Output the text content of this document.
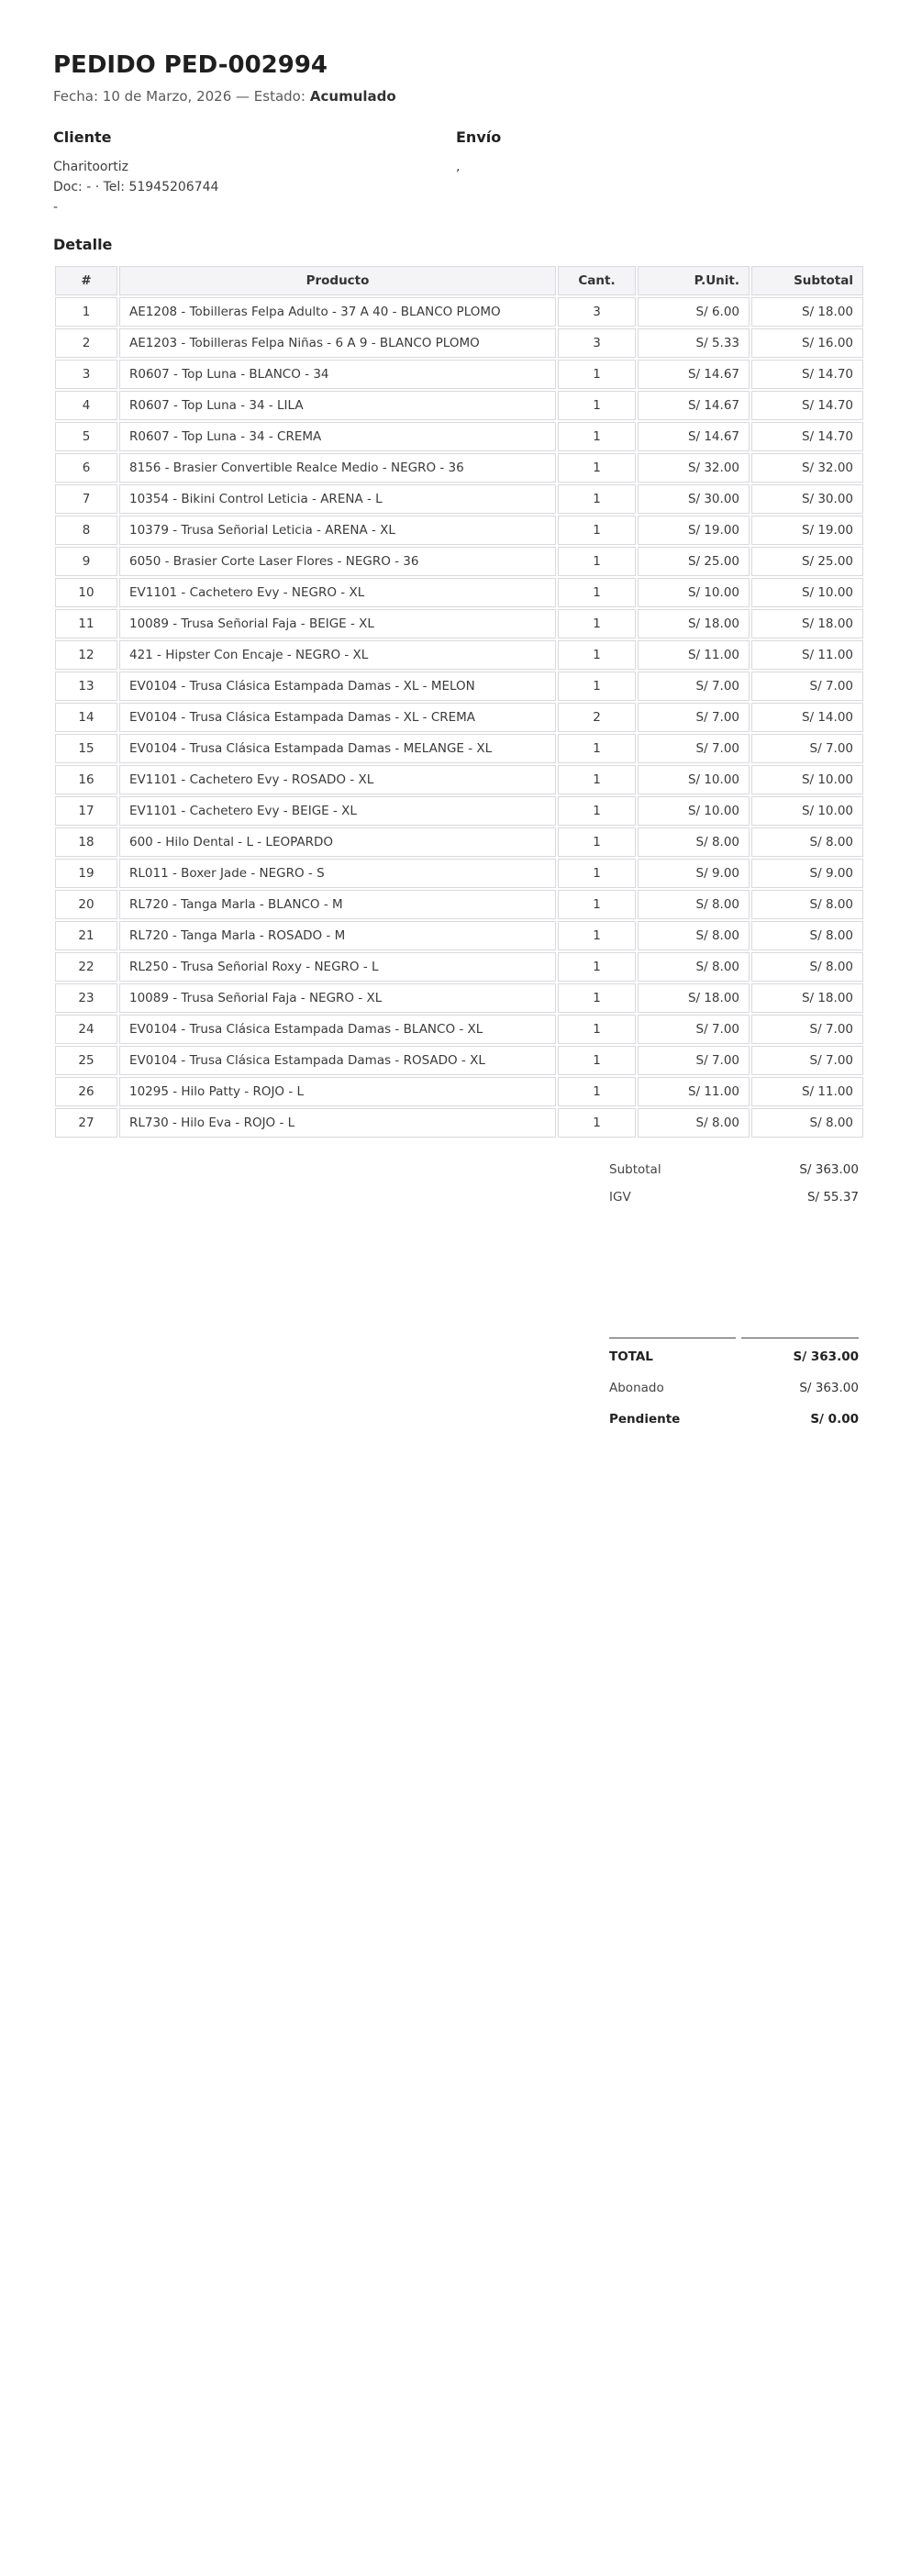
PEDIDO PED-002994

Fecha: 10 de Marzo, 2026 — Estado: Acumulado

Cliente
Charitoortiz
Doc: - · Tel: 51945206744
-
Envío
,
Detalle
#	Producto	Cant.	P.Unit.	Subtotal
1	AE1208 - Tobilleras Felpa Adulto - 37 A 40 - BLANCO PLOMO	3	S/ 6.00	S/ 18.00
2	AE1203 - Tobilleras Felpa Niñas - 6 A 9 - BLANCO PLOMO	3	S/ 5.33	S/ 16.00
3	R0607 - Top Luna - BLANCO - 34	1	S/ 14.67	S/ 14.70
4	R0607 - Top Luna - 34 - LILA	1	S/ 14.67	S/ 14.70
5	R0607 - Top Luna - 34 - CREMA	1	S/ 14.67	S/ 14.70
6	8156 - Brasier Convertible Realce Medio - NEGRO - 36	1	S/ 32.00	S/ 32.00
7	10354 - Bikini Control Leticia - ARENA - L	1	S/ 30.00	S/ 30.00
8	10379 - Trusa Señorial Leticia - ARENA - XL	1	S/ 19.00	S/ 19.00
9	6050 - Brasier Corte Laser Flores - NEGRO - 36	1	S/ 25.00	S/ 25.00
10	EV1101 - Cachetero Evy - NEGRO - XL	1	S/ 10.00	S/ 10.00
11	10089 - Trusa Señorial Faja - BEIGE - XL	1	S/ 18.00	S/ 18.00
12	421 - Hipster Con Encaje - NEGRO - XL	1	S/ 11.00	S/ 11.00
13	EV0104 - Trusa Clásica Estampada Damas - XL - MELON	1	S/ 7.00	S/ 7.00
14	EV0104 - Trusa Clásica Estampada Damas - XL - CREMA	2	S/ 7.00	S/ 14.00
15	EV0104 - Trusa Clásica Estampada Damas - MELANGE - XL	1	S/ 7.00	S/ 7.00
16	EV1101 - Cachetero Evy - ROSADO - XL	1	S/ 10.00	S/ 10.00
17	EV1101 - Cachetero Evy - BEIGE - XL	1	S/ 10.00	S/ 10.00
18	600 - Hilo Dental - L - LEOPARDO	1	S/ 8.00	S/ 8.00
19	RL011 - Boxer Jade - NEGRO - S	1	S/ 9.00	S/ 9.00
20	RL720 - Tanga Marla - BLANCO - M	1	S/ 8.00	S/ 8.00
21	RL720 - Tanga Marla - ROSADO - M	1	S/ 8.00	S/ 8.00
22	RL250 - Trusa Señorial Roxy - NEGRO - L	1	S/ 8.00	S/ 8.00
23	10089 - Trusa Señorial Faja - NEGRO - XL	1	S/ 18.00	S/ 18.00
24	EV0104 - Trusa Clásica Estampada Damas - BLANCO - XL	1	S/ 7.00	S/ 7.00
25	EV0104 - Trusa Clásica Estampada Damas - ROSADO - XL	1	S/ 7.00	S/ 7.00
26	10295 - Hilo Patty - ROJO - L	1	S/ 11.00	S/ 11.00
27	RL730 - Hilo Eva - ROJO - L	1	S/ 8.00	S/ 8.00
Subtotal	S/ 363.00
IGV	S/ 55.37
TOTAL	S/ 363.00
Abonado	S/ 363.00
Pendiente	S/ 0.00
